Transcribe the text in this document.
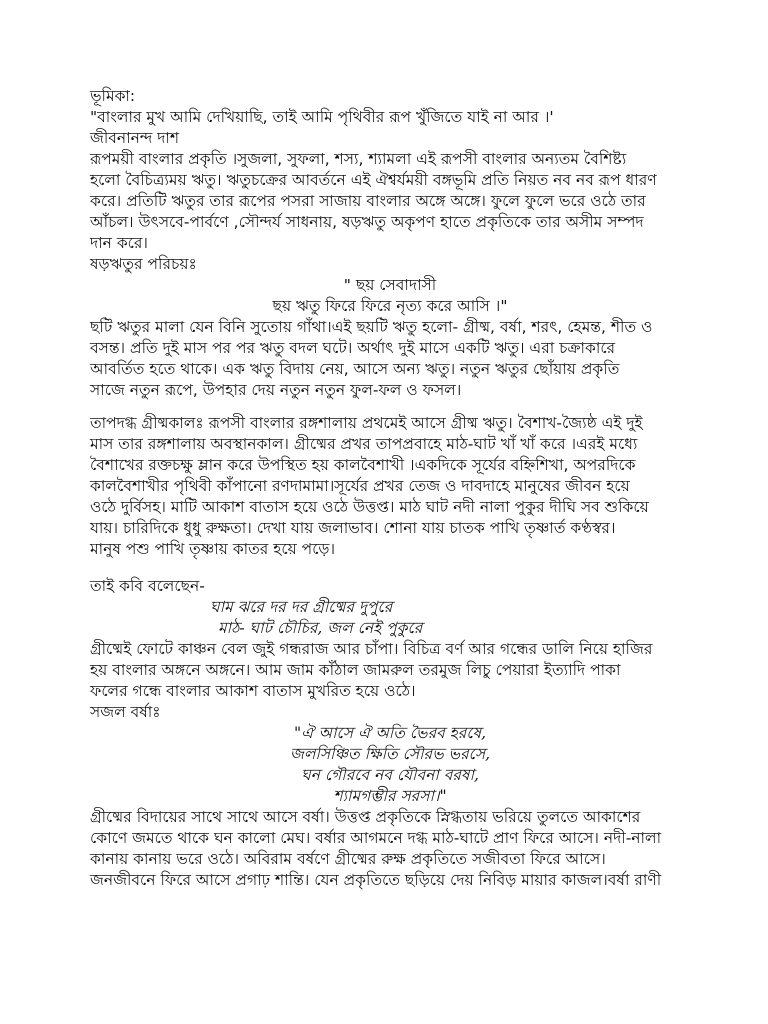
ভূমিকা:
"বাংলার মুখ আমি দেখিয়াছি, তাই আমি পৃথিবীর রূপ খুঁজিতে যাই না আর ।'
জীবনানন্দ দাশ
রূপময়ী বাংলার প্রকৃতি ।সুজলা, সুফলা, শস্য, শ্যামলা এই রূপসী বাংলার অন্যতম বৈশিষ্ট্য
হলো বৈচিত্র্যময় ঋতু। ঋতুচক্রের আবর্তনে এই ঐশ্বর্যময়ী বঙ্গভূমি প্রতি নিয়ত নব নব রূপ ধারণ
করে। প্রতিটি ঋতুর তার রূপের পসরা সাজায় বাংলার অঙ্গে অঙ্গে। ফুলে ফুলে ভরে ওঠে তার
আঁচল। উৎসবে-পার্বণে ,সৌন্দর্য সাধনায়, ষড়ঋতু অকৃপণ হাতে প্রকৃতিকে তার অসীম সম্পদ
দান করে।
ষড়ঋতুর পরিচয়ঃ
" ছয় সেবাদাসী
ছয় ঋতু ফিরে ফিরে নৃত্য করে আসি ।"
ছটি ঋতুর মালা যেন বিনি সুতোয় গাঁথা।এই ছয়টি ঋতু হলো- গ্রীষ্ম, বর্ষা, শরৎ, হেমন্ত, শীত ও
বসন্ত। প্রতি দুই মাস পর পর ঋতু বদল ঘটে। অর্থাৎ দুই মাসে একটি ঋতু। এরা চক্রাকারে
আবর্তিত হতে থাকে। এক ঋতু বিদায় নেয়, আসে অন্য ঋতু। নতুন ঋতুর ছোঁয়ায় প্রকৃতি
সাজে নতুন রূপে, উপহার দেয় নতুন নতুন ফুল-ফল ও ফসল।
তাপদগ্ধ গ্রীষ্মকালঃ রূপসী বাংলার রঙ্গশালায় প্রথমেই আসে গ্রীষ্ম ঋতু। বৈশাখ-জ্যৈষ্ঠ এই দুই
মাস তার রঙ্গশালায় অবস্থানকাল। গ্রীষ্মের প্রখর তাপপ্রবাহে মাঠ-ঘাট খাঁ খাঁ করে ।এরই মধ্যে
বৈশাখের রক্তচক্ষু ম্লান করে উপস্থিত হয় কালবৈশাখী ।একদিকে সূর্যের বহ্নিশিখা, অপরদিকে
কালবৈশাখীর পৃথিবী কাঁপানো রণদামামা।সূর্যের প্রখর তেজ ও দাবদাহে মানুষের জীবন হয়ে
ওঠে দুর্বিসহ। মাটি আকাশ বাতাস হয়ে ওঠে উত্তপ্ত। মাঠ ঘাট নদী নালা পুকুর দীঘি সব শুকিয়ে
যায়। চারিদিকে ধুধু রুক্ষতা। দেখা যায় জলাভাব। শোনা যায় চাতক পাখি তৃষ্ণার্ত কণ্ঠস্বর।
মানুষ পশু পাখি তৃষ্ণায় কাতর হয়ে পড়ে।
তাই কবি বলেছেন-
ঘাম ঝরে দর দর গ্রীষ্মের দুপুরে
মাঠ- ঘাট চৌচির, জল নেই পুকুরে
গ্রীষ্মেই ফোটে কাঞ্চন বেল জুই গন্ধরাজ আর চাঁপা। বিচিত্র বর্ণ আর গন্ধের ডালি নিয়ে হাজির
হয় বাংলার অঙ্গনে অঙ্গনে। আম জাম কাঁঠাল জামরুল তরমুজ লিচু পেয়ারা ইত্যাদি পাকা
ফলের গন্ধে বাংলার আকাশ বাতাস মুখরিত হয়ে ওঠে।
সজল বর্ষাঃ
"ঐ আসে ঐ অতি ভৈরব হরষে,
জলসিঞ্চিত ক্ষিতি সৌরভ ভরসে,
ঘন গৌরবে নব যৌবনা বরষা,
শ্যামগম্ভীর সরসা।"
গ্রীষ্মের বিদায়ের সাথে সাথে আসে বর্ষা। উত্তপ্ত প্রকৃতিকে স্নিগ্ধতায় ভরিয়ে তুলতে আকাশের
কোণে জমতে থাকে ঘন কালো মেঘ। বর্ষার আগমনে দগ্ধ মাঠ-ঘাটে প্রাণ ফিরে আসে। নদী-নালা
কানায় কানায় ভরে ওঠে। অবিরাম বর্ষণে গ্রীষ্মের রুক্ষ প্রকৃতিতে সজীবতা ফিরে আসে।
জনজীবনে ফিরে আসে প্রগাঢ় শান্তি। যেন প্রকৃতিতে ছড়িয়ে দেয় নিবিড় মায়ার কাজল।বর্ষা রাণী
